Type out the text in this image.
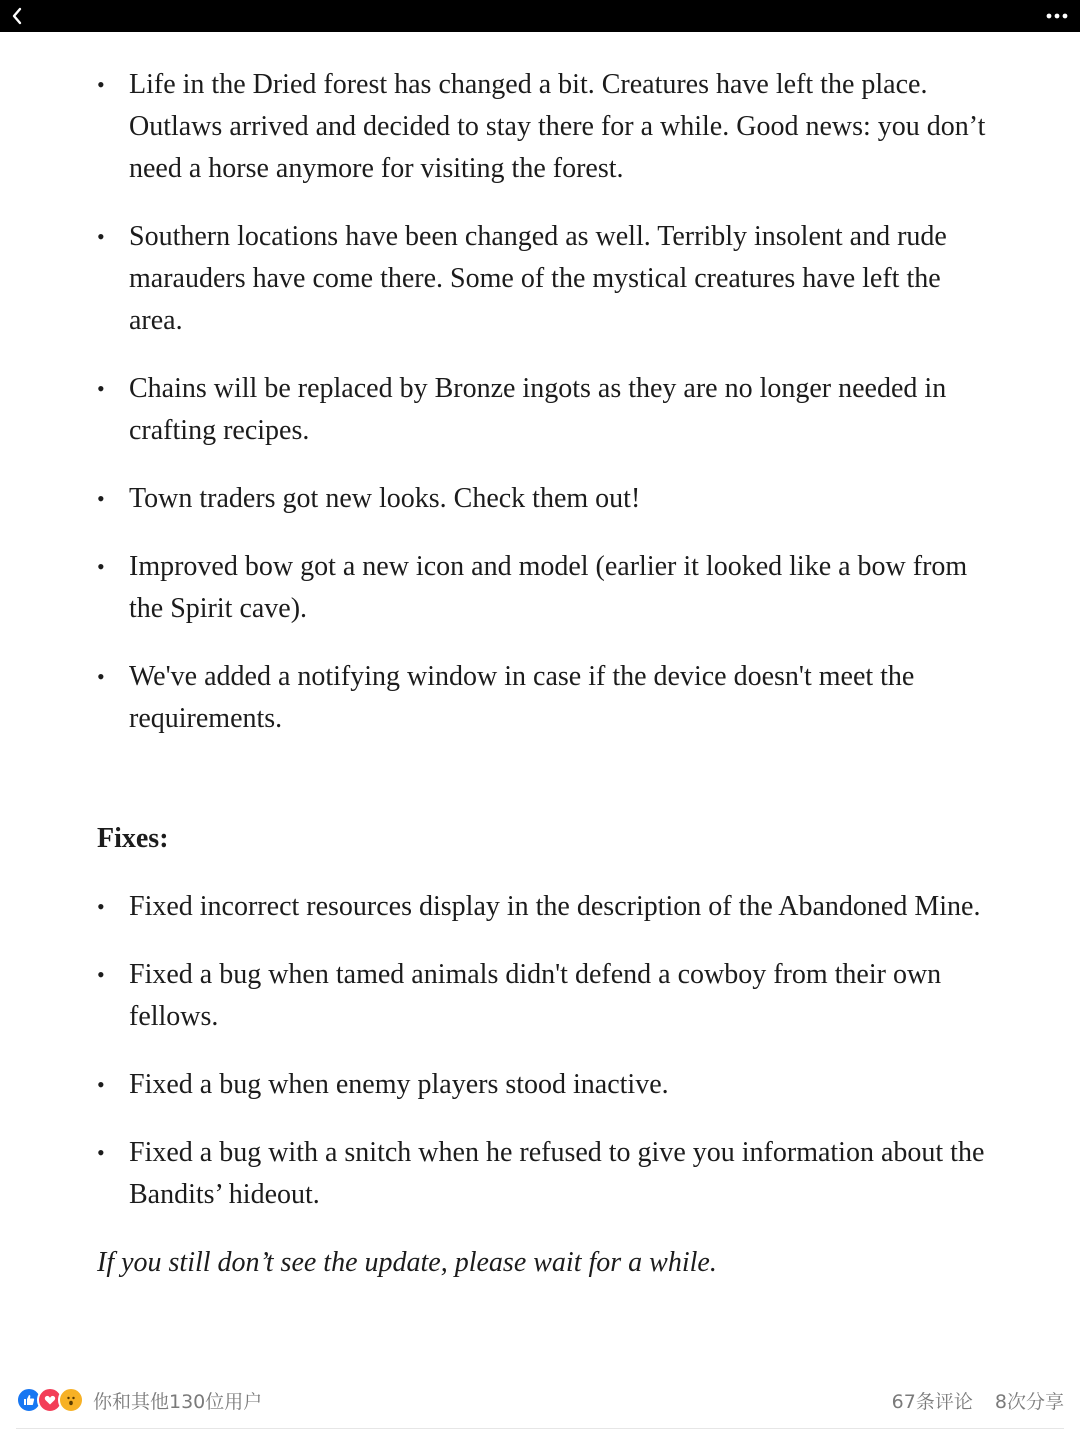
• Life in the Dried forest has changed a bit. Creatures have left the place. Outlaws arrived and decided to stay there for a while. Good news: you don’t need a horse anymore for visiting the forest.
• Southern locations have been changed as well. Terribly insolent and rude marauders have come there. Some of the mystical creatures have left the area.
• Chains will be replaced by Bronze ingots as they are no longer needed in crafting recipes.
• Town traders got new looks. Check them out!
• Improved bow got a new icon and model (earlier it looked like a bow from the Spirit cave).
• We've added a notifying window in case if the device doesn't meet the requirements.
Fixes:
• Fixed incorrect resources display in the description of the Abandoned Mine.
• Fixed a bug when tamed animals didn't defend a cowboy from their own fellows.
• Fixed a bug when enemy players stood inactive.
• Fixed a bug with a snitch when he refused to give you information about the Bandits’ hideout.

If you still don’t see the update, please wait for a while.

你和其他130位用户	67条评论 8次分享
